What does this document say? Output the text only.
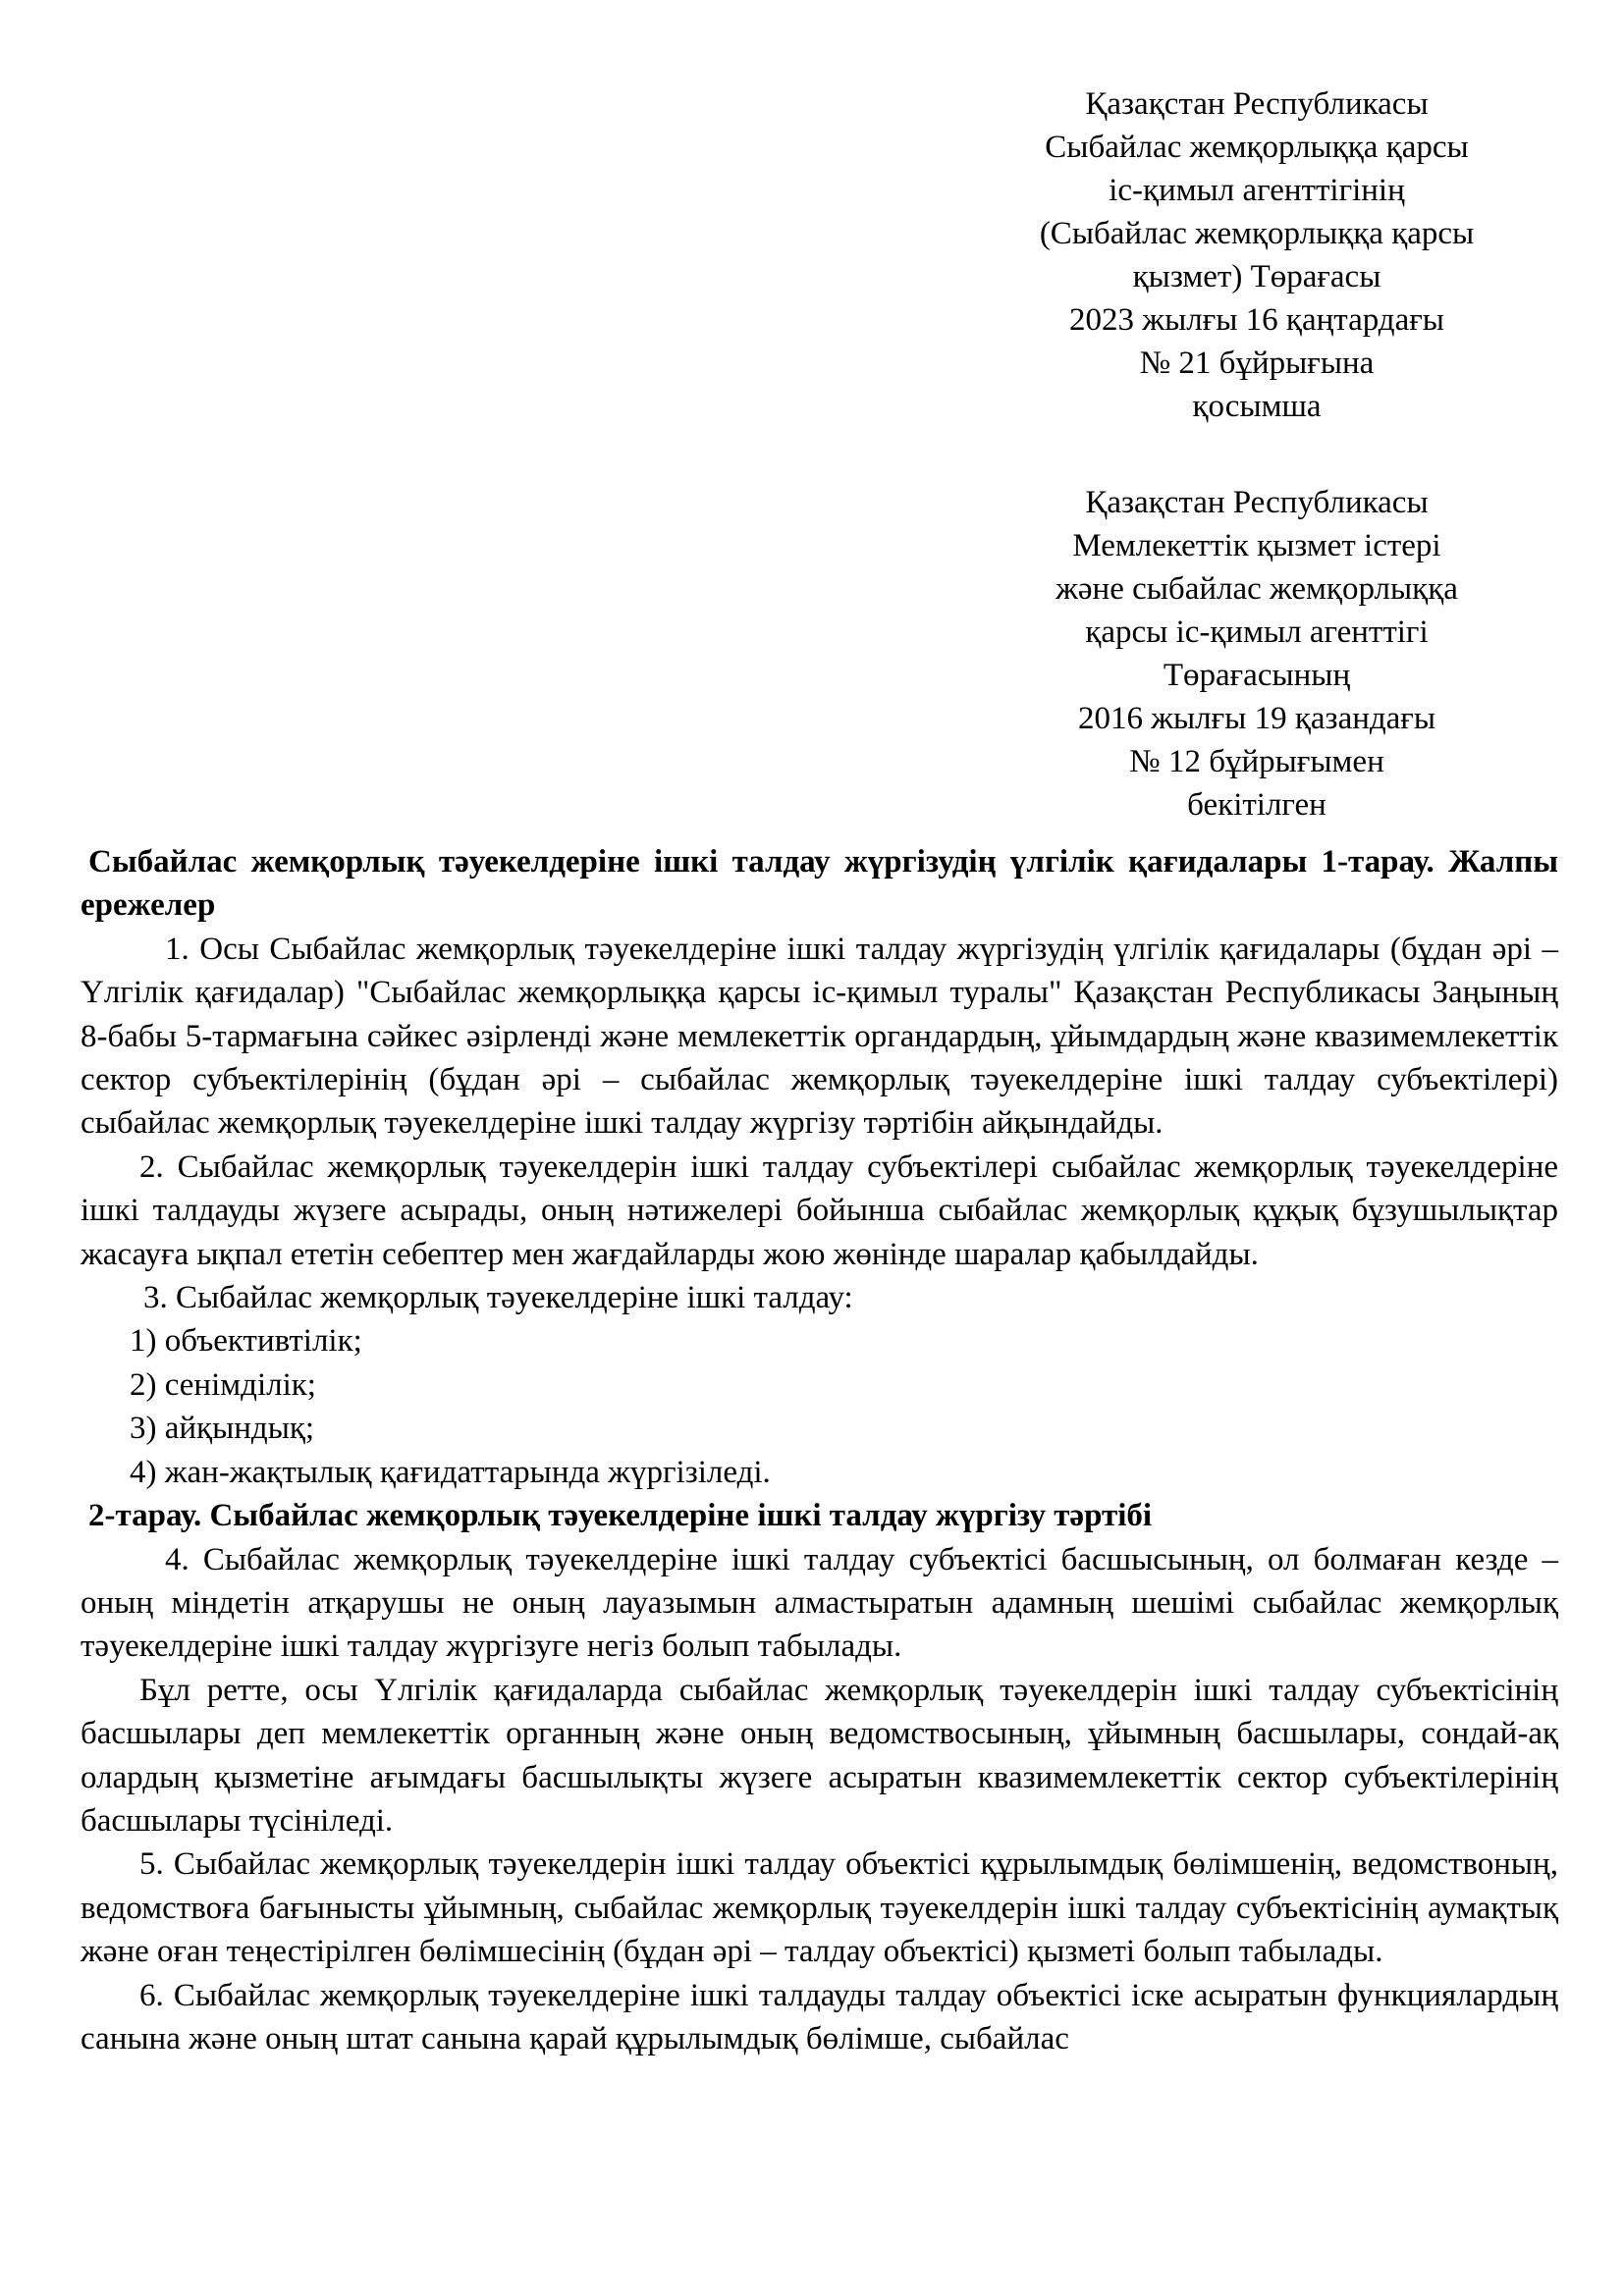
Қазақстан Республикасы
Сыбайлас жемқорлыққа қарсы
іс-қимыл агенттігінің
(Сыбайлас жемқорлыққа қарсы
қызмет) Төрағасы
2023 жылғы 16 қаңтардағы
№ 21 бұйрығына
қосымша
Қазақстан Республикасы
Мемлекеттік қызмет істері
және сыбайлас жемқорлыққа
қарсы іс-қимыл агенттігі
Төрағасының
2016 жылғы 19 қазандағы
№ 12 бұйрығымен
бекітілген

Сыбайлас жемқорлық тәуекелдеріне ішкі талдау жүргізудің үлгілік қағидалары 1-тарау. Жалпы ережелер

1. Осы Сыбайлас жемқорлық тәуекелдеріне ішкі талдау жүргізудің үлгілік қағидалары (бұдан әрі – Үлгілік қағидалар) "Сыбайлас жемқорлыққа қарсы іс-қимыл туралы" Қазақстан Республикасы Заңының 8-бабы 5-тармағына сәйкес әзірленді және мемлекеттік органдардың, ұйымдардың және квазимемлекеттік сектор субъектілерінің (бұдан әрі – сыбайлас жемқорлық тәуекелдеріне ішкі талдау субъектілері) сыбайлас жемқорлық тәуекелдеріне ішкі талдау жүргізу тәртібін айқындайды.

2. Сыбайлас жемқорлық тәуекелдерін ішкі талдау субъектілері сыбайлас жемқорлық тәуекелдеріне ішкі талдауды жүзеге асырады, оның нәтижелері бойынша сыбайлас жемқорлық құқық бұзушылықтар жасауға ықпал ететін себептер мен жағдайларды жою жөнінде шаралар қабылдайды.

3. Сыбайлас жемқорлық тәуекелдеріне ішкі талдау:

1) объективтілік;

2) сенімділік;

3) айқындық;

4) жан-жақтылық қағидаттарында жүргізіледі.

2-тарау. Сыбайлас жемқорлық тәуекелдеріне ішкі талдау жүргізу тәртібі

4. Сыбайлас жемқорлық тәуекелдеріне ішкі талдау субъектісі басшысының, ол болмаған кезде – оның міндетін атқарушы не оның лауазымын алмастыратын адамның шешімі сыбайлас жемқорлық тәуекелдеріне ішкі талдау жүргізуге негіз болып табылады.

Бұл ретте, осы Үлгілік қағидаларда сыбайлас жемқорлық тәуекелдерін ішкі талдау субъектісінің басшылары деп мемлекеттік органның және оның ведомствосының, ұйымның басшылары, сондай-ақ олардың қызметіне ағымдағы басшылықты жүзеге асыратын квазимемлекеттік сектор субъектілерінің басшылары түсініледі.

5. Сыбайлас жемқорлық тәуекелдерін ішкі талдау объектісі құрылымдық бөлімшенің, ведомствоның, ведомствоға бағынысты ұйымның, сыбайлас жемқорлық тәуекелдерін ішкі талдау субъектісінің аумақтық және оған теңестірілген бөлімшесінің (бұдан әрі – талдау объектісі) қызметі болып табылады.

6. Сыбайлас жемқорлық тәуекелдеріне ішкі талдауды талдау объектісі іске асыратын функциялардың санына және оның штат санына қарай құрылымдық бөлімше, сыбайлас
